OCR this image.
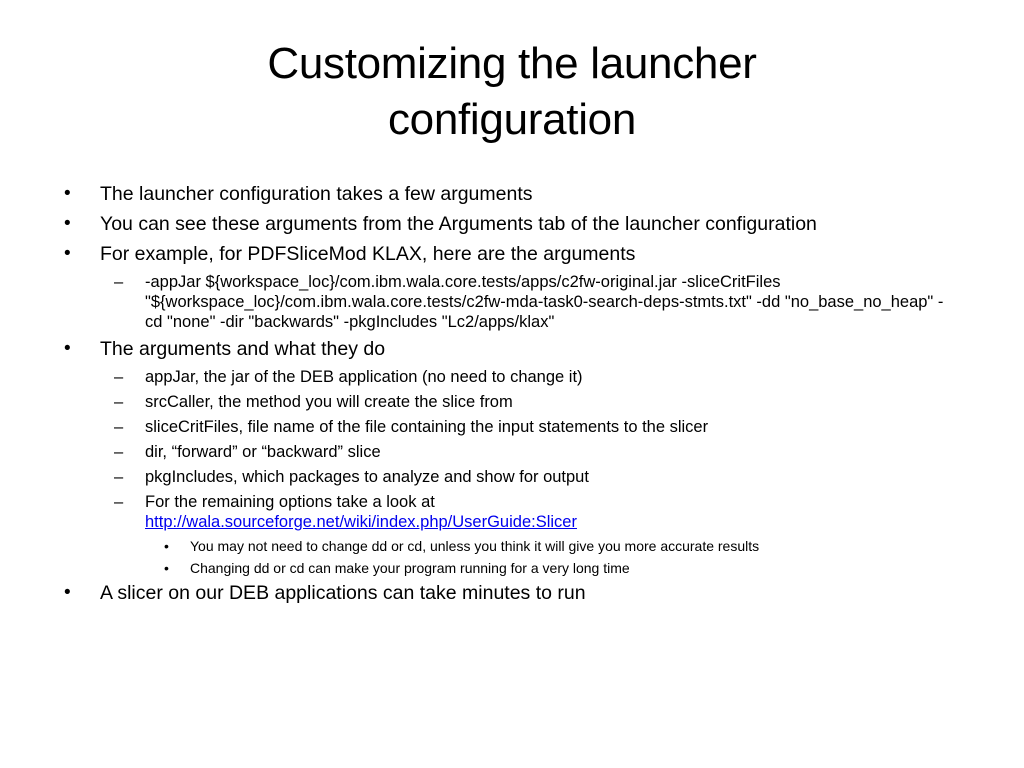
Customizing the launcher
configuration
• The launcher configuration takes a few arguments
• You can see these arguments from the Arguments tab of the launcher configuration
• For example, for PDFSliceMod KLAX, here are the arguments
– -appJar ${workspace_loc}/com.ibm.wala.core.tests/apps/c2fw-original.jar -sliceCritFiles "${workspace_loc}/com.ibm.wala.core.tests/c2fw-mda-task0-search-deps-stmts.txt" -dd "no_base_no_heap" -cd "none" -dir "backwards" -pkgIncludes "Lc2/apps/klax"
• The arguments and what they do
– appJar, the jar of the DEB application (no need to change it)
– srcCaller, the method you will create the slice from
– sliceCritFiles, file name of the file containing the input statements to the slicer
– dir, “forward” or “backward” slice
– pkgIncludes, which packages to analyze and show for output
– For the remaining options take a look at
http://wala.sourceforge.net/wiki/index.php/UserGuide:Slicer
• You may not need to change dd or cd, unless you think it will give you more accurate results
• Changing dd or cd can make your program running for a very long time
• A slicer on our DEB applications can take minutes to run
